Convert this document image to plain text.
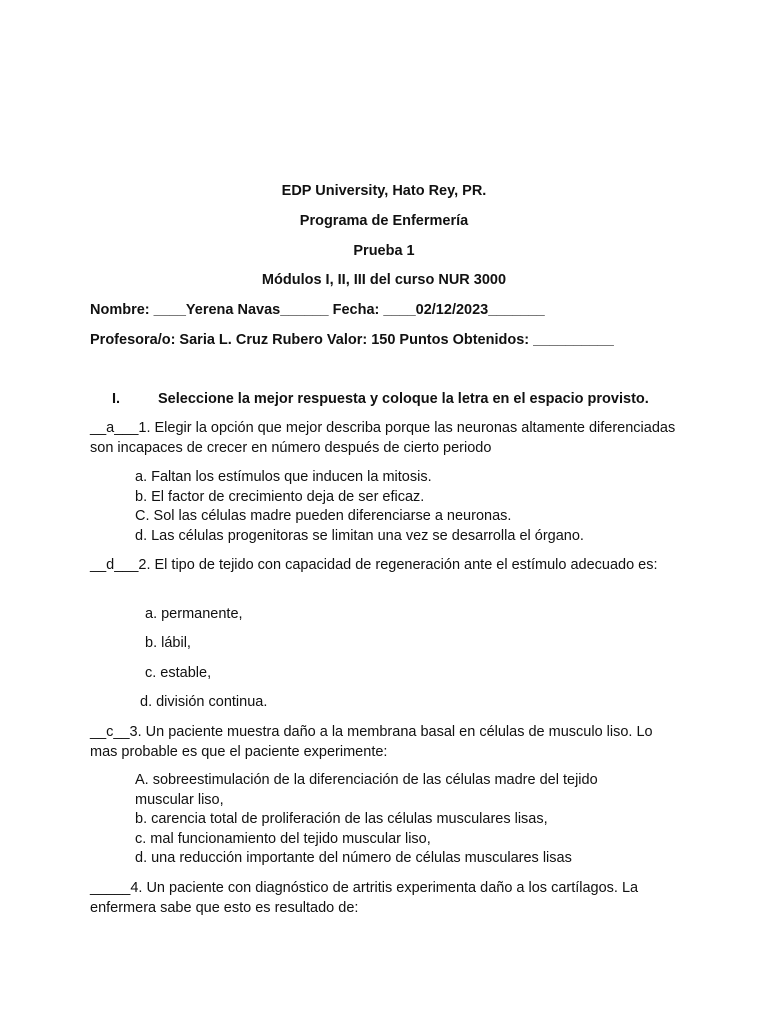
EDP University, Hato Rey, PR.
Programa de Enfermería
Prueba 1
Módulos I, II, III del curso NUR 3000
Nombre: ____Yerena Navas______ Fecha: ____02/12/2023_______
Profesora/o: Saria L. Cruz Rubero Valor: 150 Puntos Obtenidos: __________
I.	Seleccione la mejor respuesta y coloque la letra en el espacio provisto.
__a___1. Elegir la opción que mejor describa porque las neuronas altamente diferenciadas son incapaces de crecer en número después de cierto periodo
a. Faltan los estímulos que inducen la mitosis.
b. El factor de crecimiento deja de ser eficaz.
C. Sol las células madre pueden diferenciarse a neuronas.
d. Las células progenitoras se limitan una vez se desarrolla el órgano.
__d___2. El tipo de tejido con capacidad de regeneración ante el estímulo adecuado es:
a. permanente,
b. lábil,
c. estable,
d. división continua.
__c__3. Un paciente muestra daño a la membrana basal en células de musculo liso. Lo mas probable es que el paciente experimente:
A. sobreestimulación de la diferenciación de las células madre del tejido
muscular liso,
b. carencia total de proliferación de las células musculares lisas,
c. mal funcionamiento del tejido muscular liso,
d. una reducción importante del número de células musculares lisas
_____4. Un paciente con diagnóstico de artritis experimenta daño a los cartílagos. La enfermera sabe que esto es resultado de:
